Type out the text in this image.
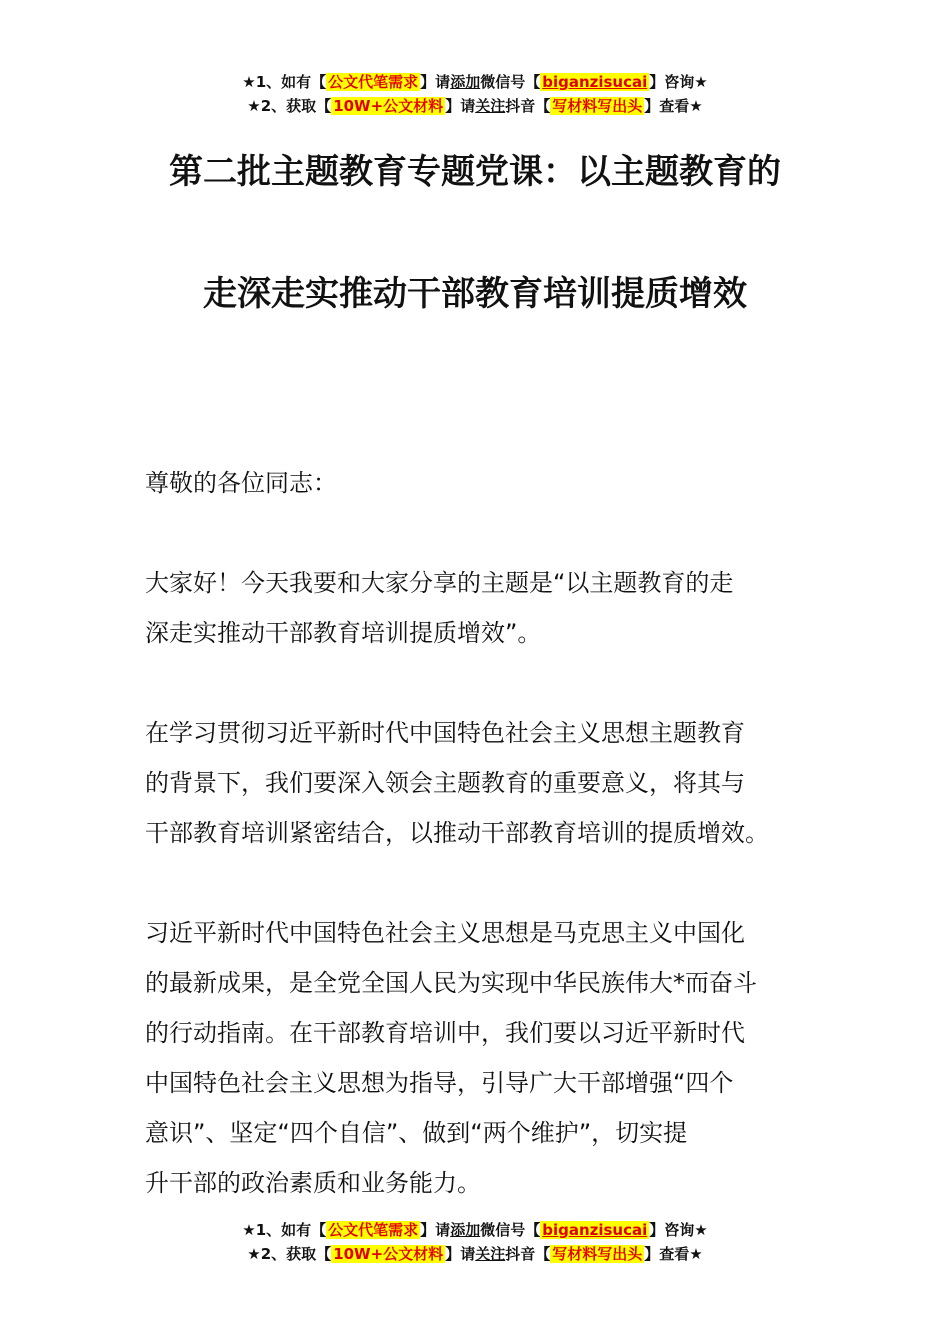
★1、如有【 公文代笔需求 】请添加微信号【 biganzisucai 】咨询★
★2、获取【 10W+公文材料 】请关注抖音【 写材料写出头 】查看★
第二批主题教育专题党课：以主题教育的
走深走实推动干部教育培训提质增效
尊敬的各位同志：
大家好！今天我要和大家分享的主题是“以主题教育的走
深走实推动干部教育培训提质增效”。
在学习贯彻习近平新时代中国特色社会主义思想主题教育
的背景下，我们要深入领会主题教育的重要意义，将其与
干部教育培训紧密结合，以推动干部教育培训的提质增效。
习近平新时代中国特色社会主义思想是马克思主义中国化
的最新成果，是全党全国人民为实现中华民族伟大*而奋斗
的行动指南。在干部教育培训中，我们要以习近平新时代
中国特色社会主义思想为指导，引导广大干部增强“四个
意识”、坚定“四个自信”、做到“两个维护”，切实提
升干部的政治素质和业务能力。
★1、如有【 公文代笔需求 】请添加微信号【 biganzisucai 】咨询★
★2、获取【 10W+公文材料 】请关注抖音【 写材料写出头 】查看★
